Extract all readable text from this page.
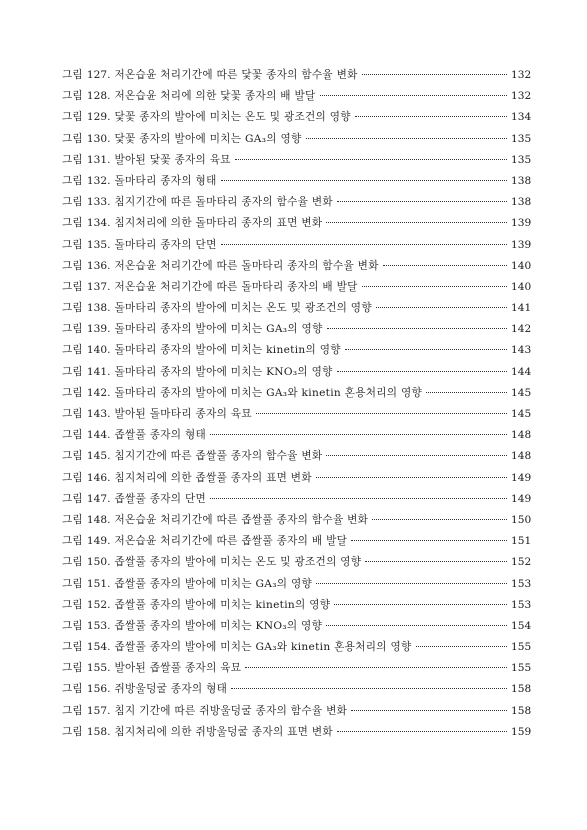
그림 127. 저온습윤 처리기간에 따른 닻꽃 종자의 함수율 변화	132
그림 128. 저온습윤 처리에 의한 닻꽃 종자의 배 발달	132
그림 129. 닻꽃 종자의 발아에 미치는 온도 및 광조건의 영향	134
그림 130. 닻꽃 종자의 발아에 미치는 GA₃의 영향	135
그림 131. 발아된 닻꽃 종자의 육묘	135
그림 132. 돌마타리 종자의 형태	138
그림 133. 침지기간에 따른 돌마타리 종자의 함수율 변화	138
그림 134. 침지처리에 의한 돌마타리 종자의 표면 변화	139
그림 135. 돌마타리 종자의 단면	139
그림 136. 저온습윤 처리기간에 따른 돌마타리 종자의 함수율 변화	140
그림 137. 저온습윤 처리기간에 따른 돌마타리 종자의 배 발달	140
그림 138. 돌마타리 종자의 발아에 미치는 온도 및 광조건의 영향	141
그림 139. 돌마타리 종자의 발아에 미치는 GA₃의 영향	142
그림 140. 돌마타리 종자의 발아에 미치는 kinetin의 영향	143
그림 141. 돌마타리 종자의 발아에 미치는 KNO₃의 영향	144
그림 142. 돌마타리 종자의 발아에 미치는 GA₃와 kinetin 혼용처리의 영향	145
그림 143. 발아된 돌마타리 종자의 육묘	145
그림 144. 좁쌀풀 종자의 형태	148
그림 145. 침지기간에 따른 좁쌀풀 종자의 함수율 변화	148
그림 146. 침지처리에 의한 좁쌀풀 종자의 표면 변화	149
그림 147. 좁쌀풀 종자의 단면	149
그림 148. 저온습윤 처리기간에 따른 좁쌀풀 종자의 함수율 변화	150
그림 149. 저온습윤 처리기간에 따른 좁쌀풀 종자의 배 발달	151
그림 150. 좁쌀풀 종자의 발아에 미치는 온도 및 광조건의 영향	152
그림 151. 좁쌀풀 종자의 발아에 미치는 GA₃의 영향	153
그림 152. 좁쌀풀 종자의 발아에 미치는 kinetin의 영향	153
그림 153. 좁쌀풀 종자의 발아에 미치는 KNO₃의 영향	154
그림 154. 좁쌀풀 종자의 발아에 미치는 GA₃와 kinetin 혼용처리의 영향	155
그림 155. 발아된 좁쌀풀 종자의 육묘	155
그림 156. 쥐방울덩굴 종자의 형태	158
그림 157. 침지 기간에 따른 쥐방울덩굴 종자의 함수율 변화	158
그림 158. 침지처리에 의한 쥐방울덩굴 종자의 표면 변화	159
